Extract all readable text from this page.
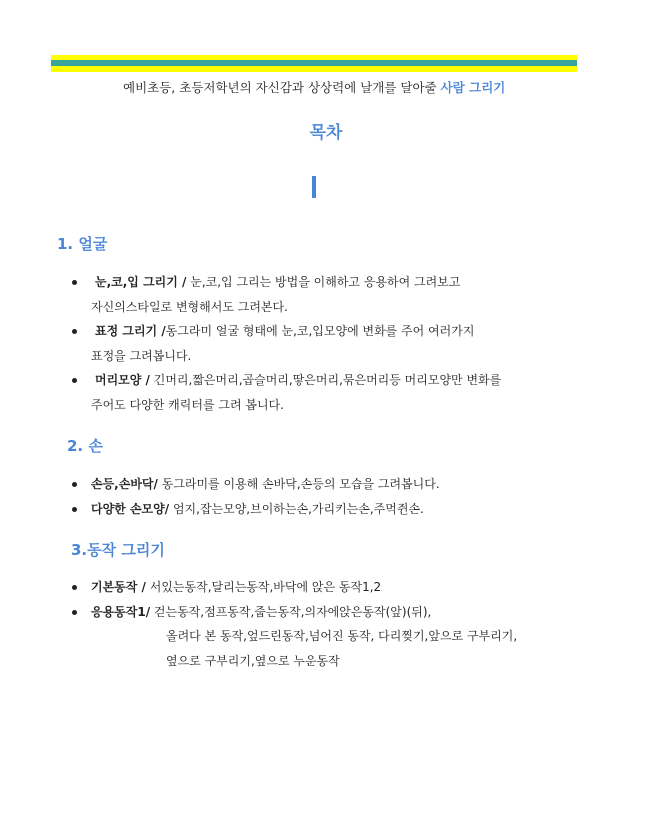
예비초등, 초등저학년의 자신감과 상상력에 날개를 달아줄 사람 그리기
목차
1. 얼굴
눈,코,입 그리기 / 눈,코,입 그리는 방법을 이해하고 응용하여 그려보고
자신의스타일로 변형해서도 그려본다.
표정 그리기 /동그라미 얼굴 형태에 눈,코,입모양에 변화를 주어 여러가지
표정을 그려봅니다.
머리모양 / 긴머리,짧은머리,곱슬머리,땋은머리,묶은머리등 머리모양만 변화를
주어도 다양한 캐릭터를 그려 봅니다.
2. 손
손등,손바닥/ 동그라미를 이용해 손바닥,손등의 모습을 그려봅니다.
다양한 손모양/ 엄지,잡는모양,브이하는손,가리키는손,주먹쥔손.
3.동작 그리기
기본동작 / 서있는동작,달리는동작,바닥에 앉은 동작1,2
응용동작1/ 걷는동작,점프동작,줍는동작,의자에앉은동작(앞)(뒤),
올려다 본 동작,엎드린동작,넘어진 동작, 다리찢기,앞으로 구부리기,
옆으로 구부리기,옆으로 누운동작
